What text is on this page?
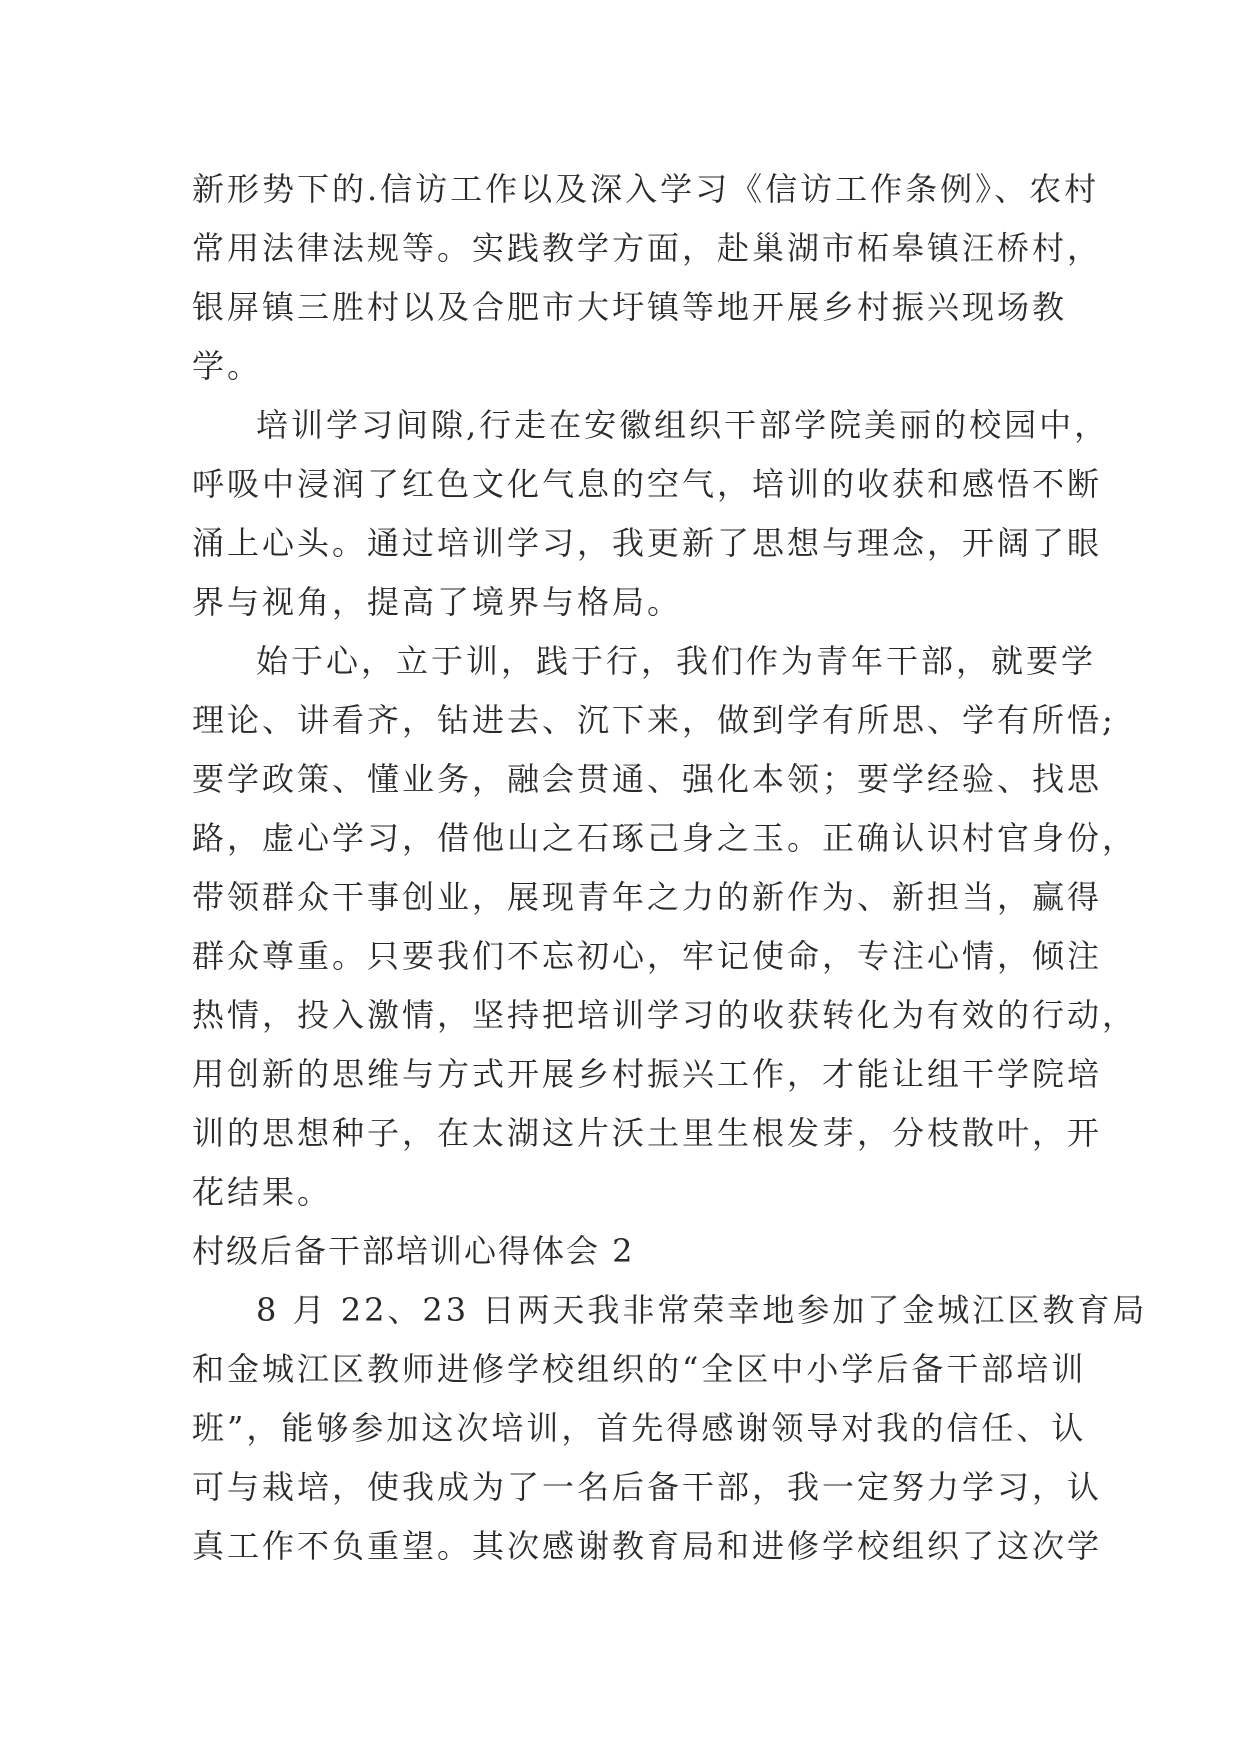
新形势下的.信访工作以及深入学习《信访工作条例》、农村
常用法律法规等。实践教学方面，赴巢湖市柘皋镇汪桥村，
银屏镇三胜村以及合肥市大圩镇等地开展乡村振兴现场教
学。
培训学习间隙,行走在安徽组织干部学院美丽的校园中，
呼吸中浸润了红色文化气息的空气，培训的收获和感悟不断
涌上心头。通过培训学习，我更新了思想与理念，开阔了眼
界与视角，提高了境界与格局。
始于心，立于训，践于行，我们作为青年干部，就要学
理论、讲看齐，钻进去、沉下来，做到学有所思、学有所悟;
要学政策、懂业务，融会贯通、强化本领；要学经验、找思
路，虚心学习，借他山之石琢己身之玉。正确认识村官身份，
带领群众干事创业，展现青年之力的新作为、新担当，赢得
群众尊重。只要我们不忘初心，牢记使命，专注心情，倾注
热情，投入激情，坚持把培训学习的收获转化为有效的行动，
用创新的思维与方式开展乡村振兴工作，才能让组干学院培
训的思想种子，在太湖这片沃土里生根发芽，分枝散叶，开
花结果。
村级后备干部培训心得体会 2
8 月 22、23 日两天我非常荣幸地参加了金城江区教育局
和金城江区教师进修学校组织的“全区中小学后备干部培训
班”，能够参加这次培训，首先得感谢领导对我的信任、认
可与栽培，使我成为了一名后备干部，我一定努力学习，认
真工作不负重望。其次感谢教育局和进修学校组织了这次学
